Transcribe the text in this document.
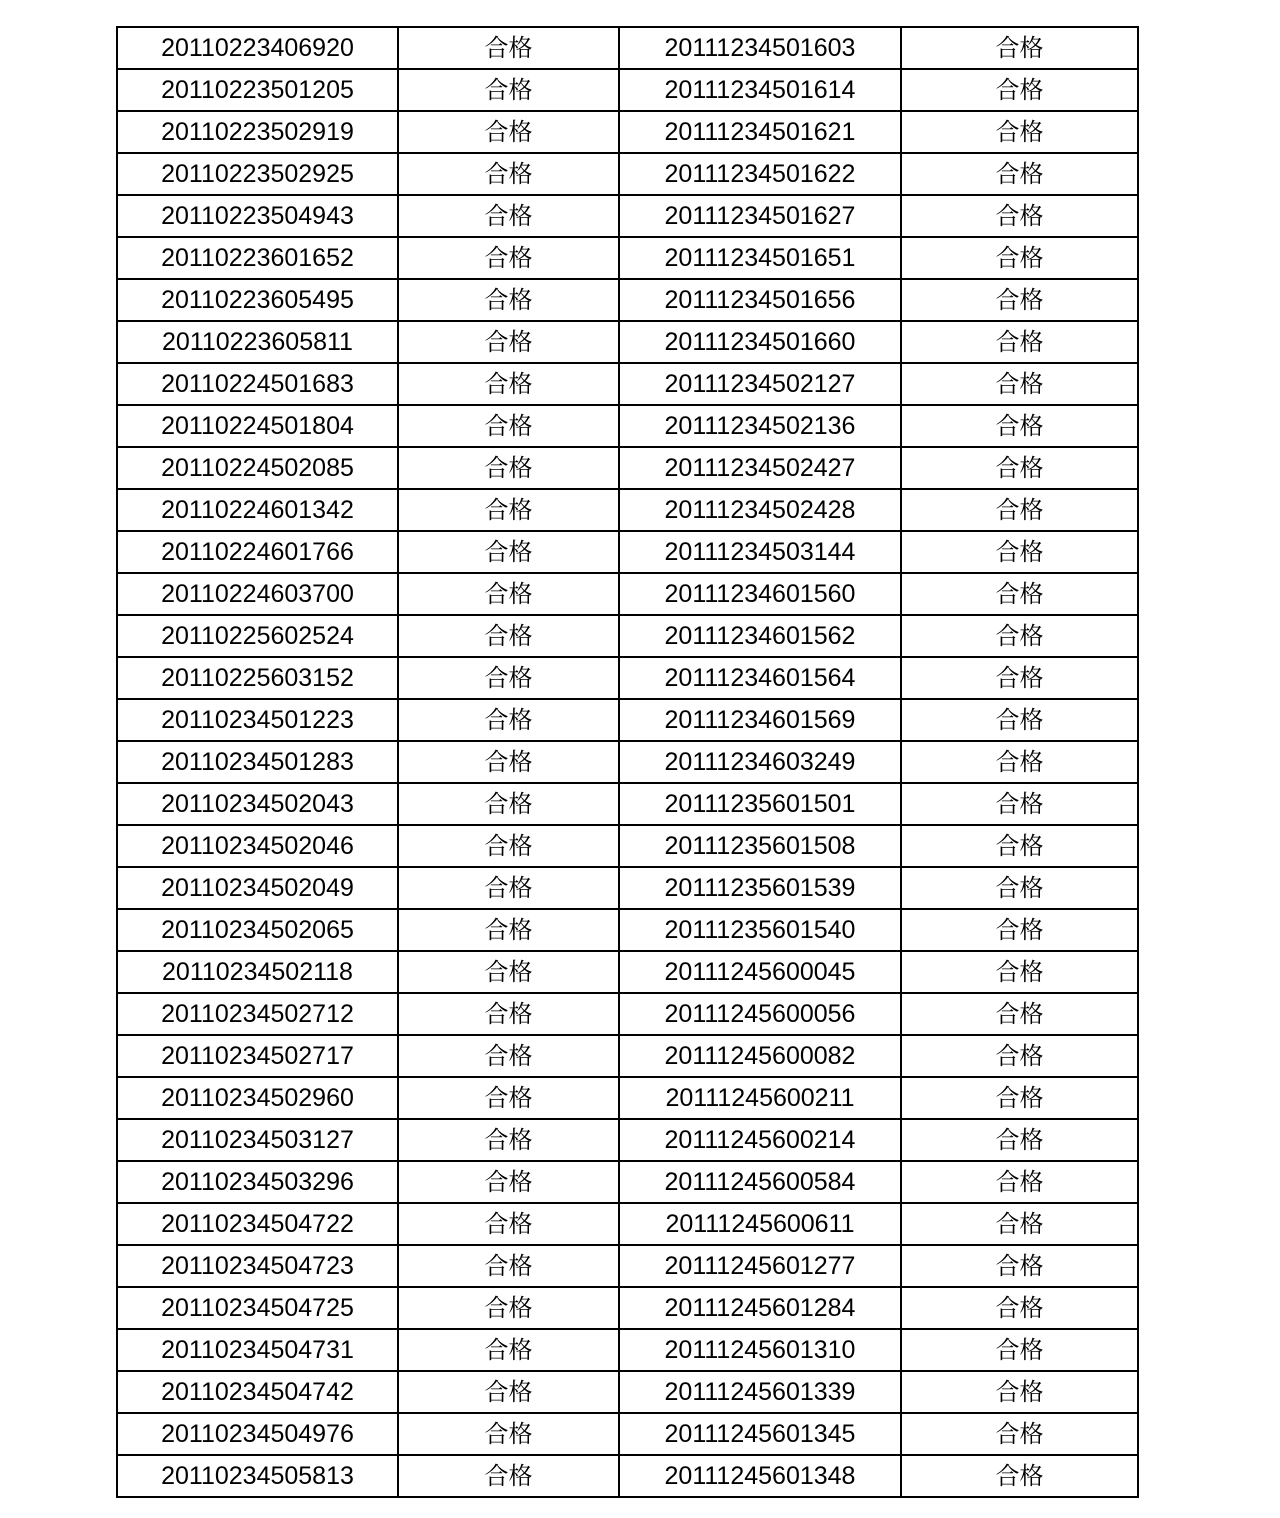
20110223406920	合格	20111234501603	合格
20110223501205	合格	20111234501614	合格
20110223502919	合格	20111234501621	合格
20110223502925	合格	20111234501622	合格
20110223504943	合格	20111234501627	合格
20110223601652	合格	20111234501651	合格
20110223605495	合格	20111234501656	合格
20110223605811	合格	20111234501660	合格
20110224501683	合格	20111234502127	合格
20110224501804	合格	20111234502136	合格
20110224502085	合格	20111234502427	合格
20110224601342	合格	20111234502428	合格
20110224601766	合格	20111234503144	合格
20110224603700	合格	20111234601560	合格
20110225602524	合格	20111234601562	合格
20110225603152	合格	20111234601564	合格
20110234501223	合格	20111234601569	合格
20110234501283	合格	20111234603249	合格
20110234502043	合格	20111235601501	合格
20110234502046	合格	20111235601508	合格
20110234502049	合格	20111235601539	合格
20110234502065	合格	20111235601540	合格
20110234502118	合格	20111245600045	合格
20110234502712	合格	20111245600056	合格
20110234502717	合格	20111245600082	合格
20110234502960	合格	20111245600211	合格
20110234503127	合格	20111245600214	合格
20110234503296	合格	20111245600584	合格
20110234504722	合格	20111245600611	合格
20110234504723	合格	20111245601277	合格
20110234504725	合格	20111245601284	合格
20110234504731	合格	20111245601310	合格
20110234504742	合格	20111245601339	合格
20110234504976	合格	20111245601345	合格
20110234505813	合格	20111245601348	合格
